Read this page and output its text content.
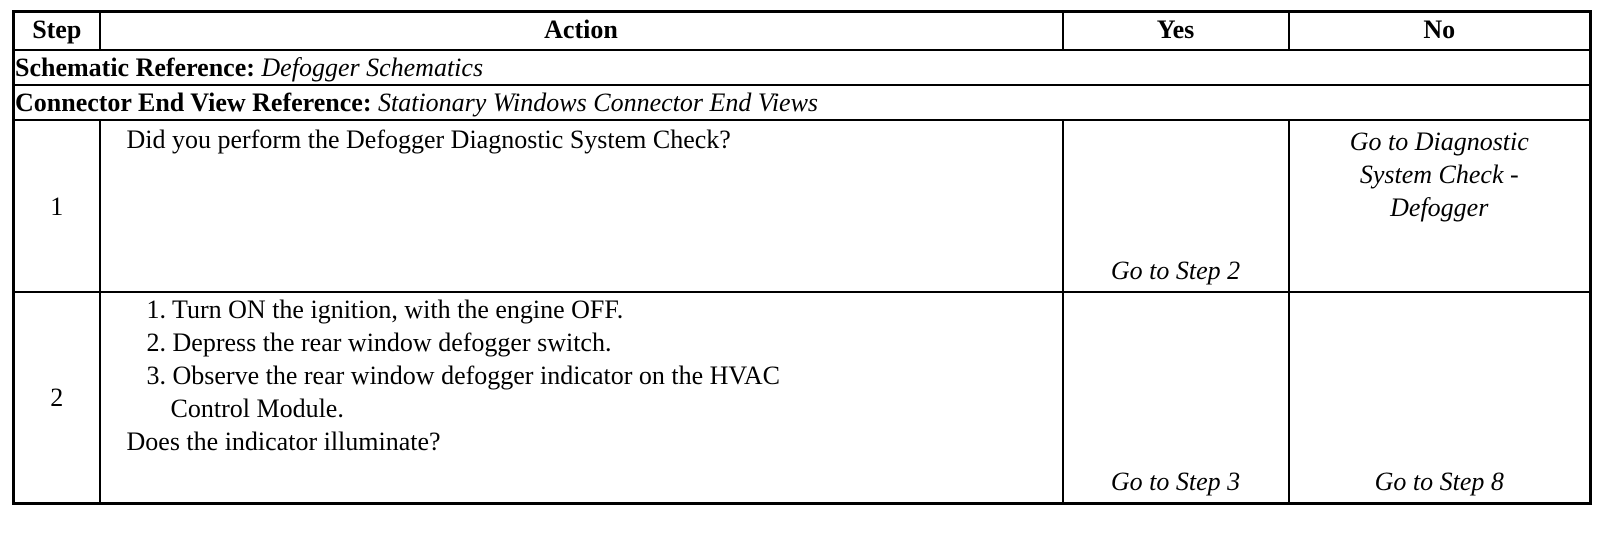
Step	Action	Yes	No
Schematic Reference: Defogger Schematics			
Connector End View Reference: Stationary Windows Connector End Views			
1	Did you perform the Defogger Diagnostic System Check?	Go to Step 2	Go to Diagnostic
System Check -
Defogger

2	1. Turn ON the ignition, with the engine OFF.
2. Depress the rear window defogger switch.
3. Observe the rear window defogger indicator on the HVAC
Control Module.
Does the indicator illuminate?	Go to Step 3	Go to Step 8
